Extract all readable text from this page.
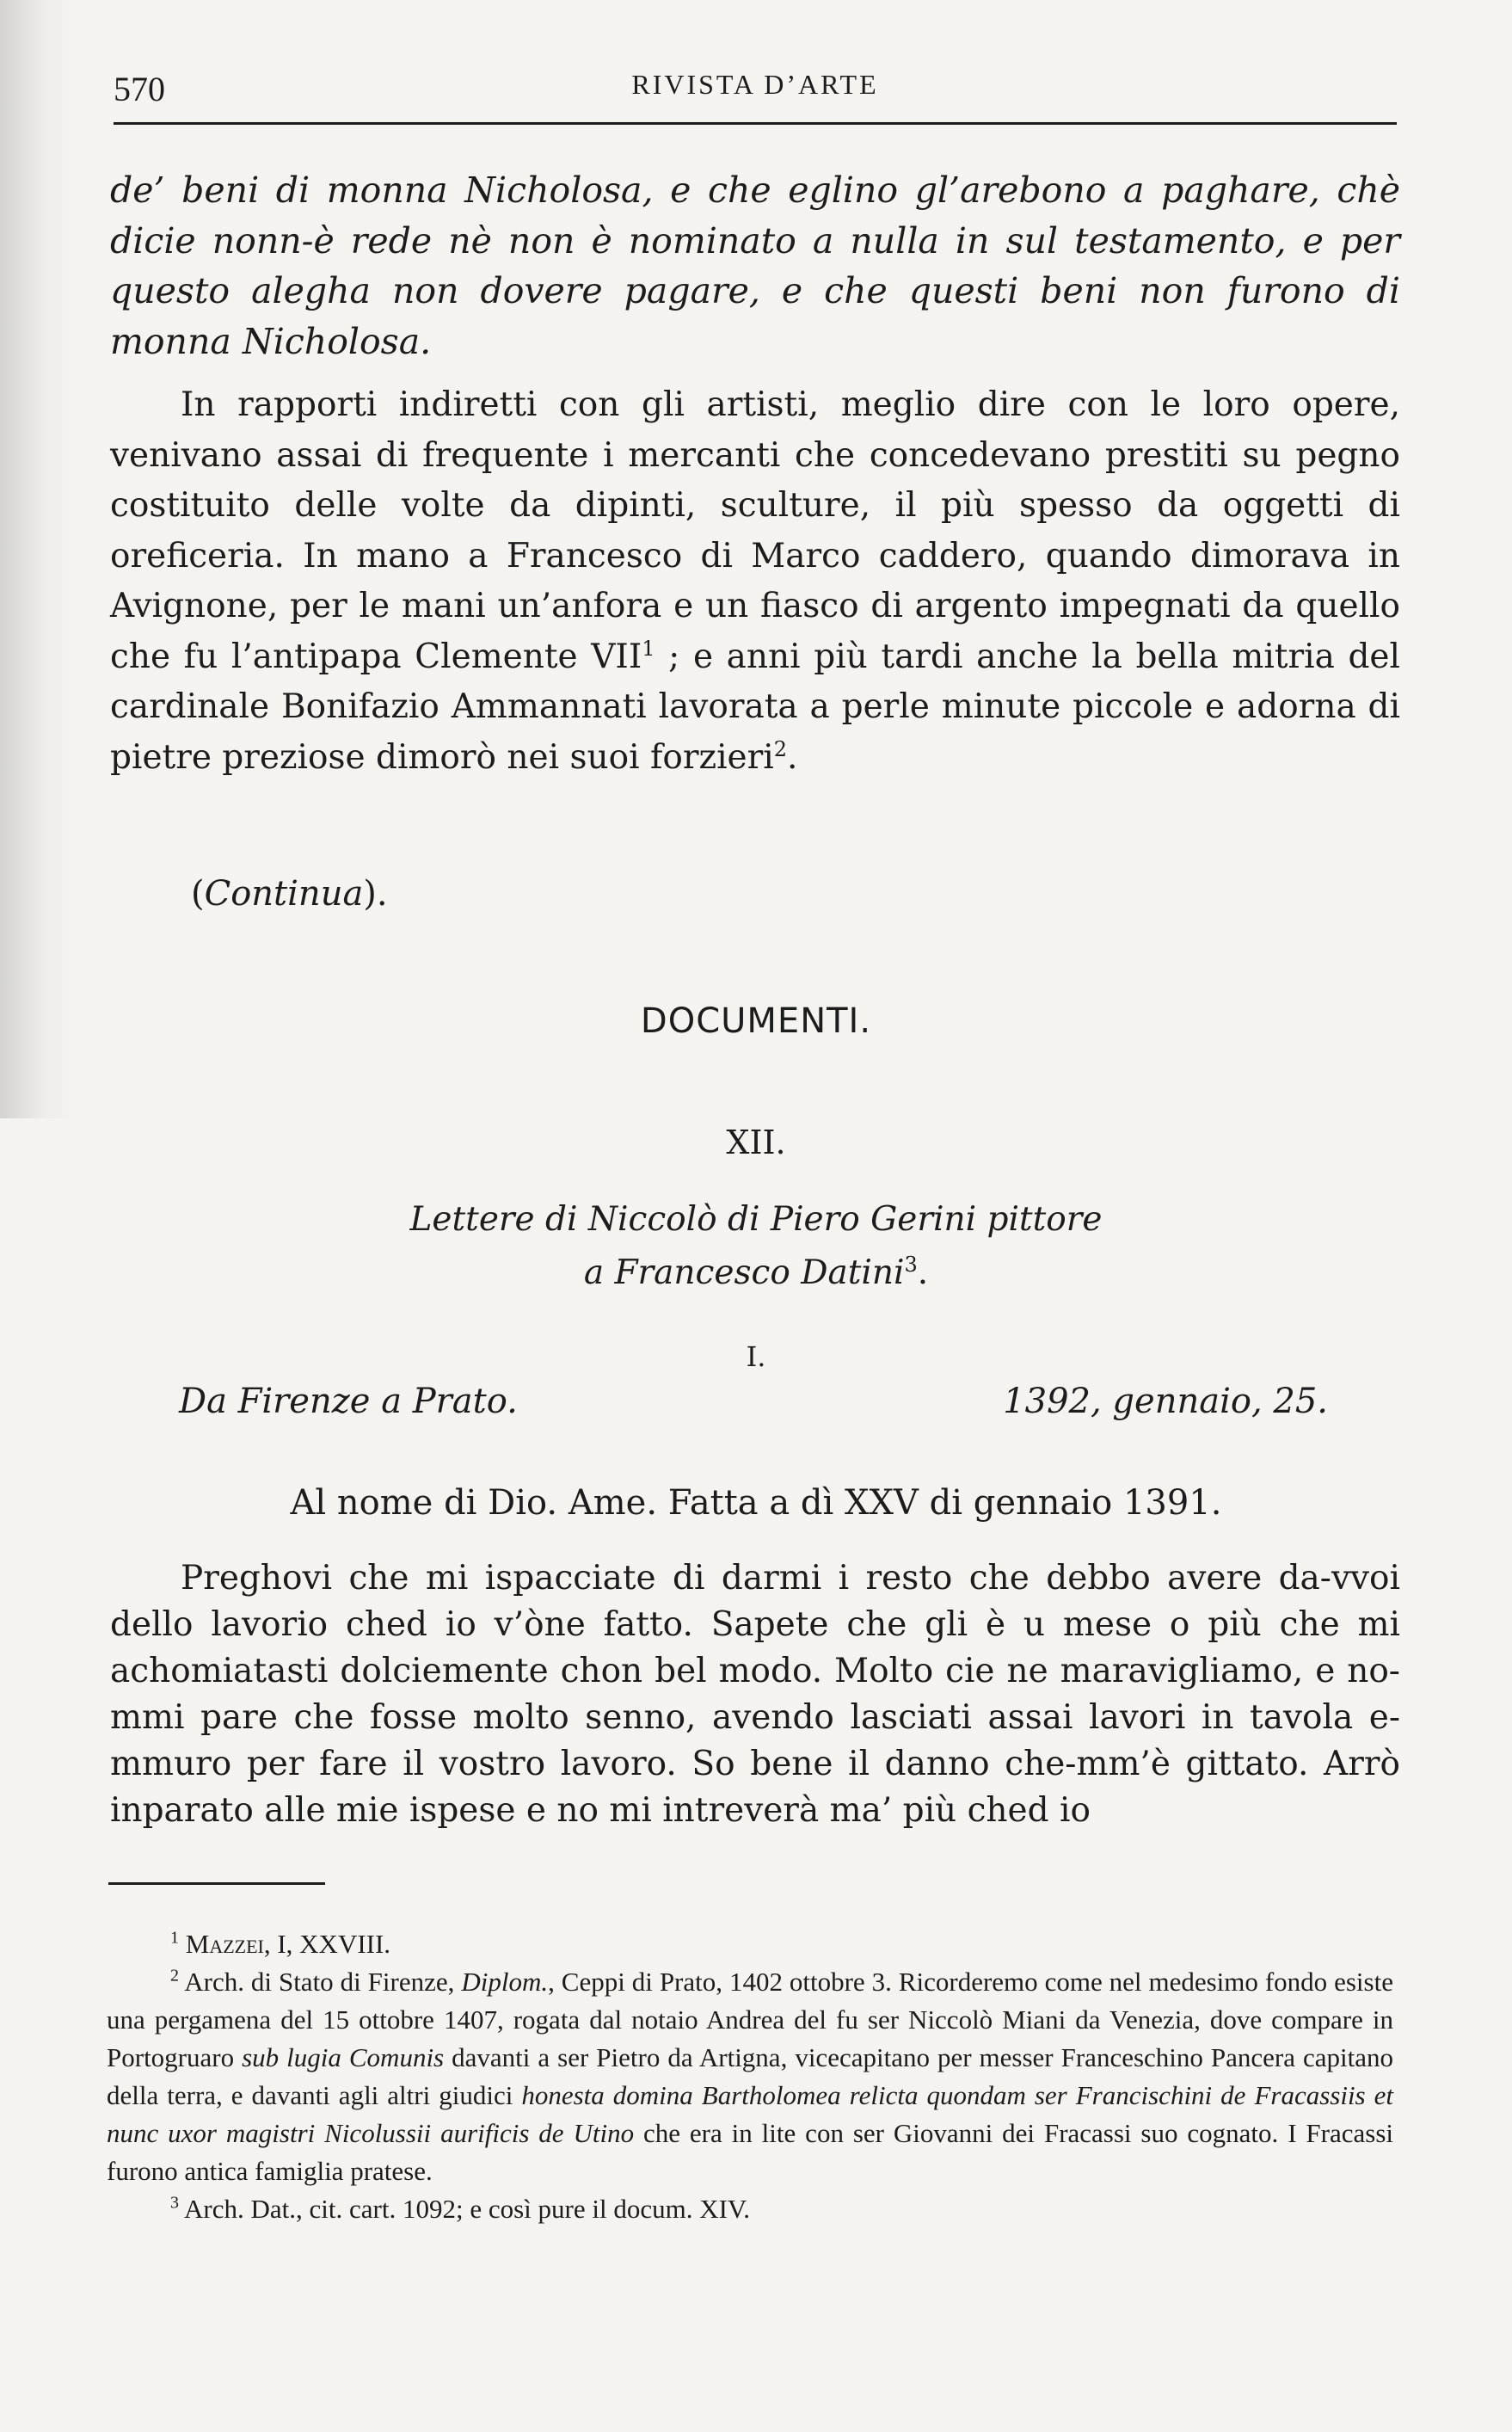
570	RIVISTA D’ARTE

de’ beni di monna Nicholosa, e che eglino gl’arebono a paghare, chè dicie nonn-è rede nè non è nominato a nulla in sul testamento, e per questo alegha non dovere pagare, e che questi beni non furono di monna Nicholosa.

In rapporti indiretti con gli artisti, meglio dire con le loro opere, venivano assai di frequente i mercanti che concedevano prestiti su pegno costituito delle volte da dipinti, sculture, il più spesso da oggetti di oreficeria. In mano a Francesco di Marco caddero, quando dimorava in Avignone, per le mani un’anfora e un fiasco di argento impegnati da quello che fu l’antipapa Clemente VII$^1$ ; e anni più tardi anche la bella mitria del cardinale Bonifazio Ammannati lavorata a perle minute piccole e adorna di pietre preziose dimorò nei suoi forzieri$^2$.

(Continua).
DOCUMENTI.
XII.
Lettere di Niccolò di Piero Gerini pittore
a Francesco Datini$^3$.
I.
Da Firenze a Prato.	1392, gennaio, 25.
Al nome di Dio. Ame. Fatta a dì XXV di gennaio 1391.

Preghovi che mi ispacciate di darmi i resto che debbo avere da-vvoi dello lavorio ched io v’òne fatto. Sapete che gli è u mese o più che mi achomiatasti dolciemente chon bel modo. Molto cie ne maravigliamo, e no-mmi pare che fosse molto senno, avendo lasciati assai lavori in tavola e-mmuro per fare il vostro lavoro. So bene il danno che-mm’è gittato. Arrò inparato alle mie ispese e no mi intreverà ma’ più ched io

$^1$ Mazzei, I, XXVIII.

$^2$ Arch. di Stato di Firenze, Diplom., Ceppi di Prato, 1402 ottobre 3. Ricorderemo come nel medesimo fondo esiste una pergamena del 15 ottobre 1407, rogata dal notaio Andrea del fu ser Niccolò Miani da Venezia, dove compare in Portogruaro sub lugia Comunis davanti a ser Pietro da Artigna, vicecapitano per messer Franceschino Pancera capitano della terra, e davanti agli altri giudici honesta domina Bartholomea relicta quondam ser Francischini de Fracassiis et nunc uxor magistri Nicolussii aurificis de Utino che era in lite con ser Giovanni dei Fracassi suo cognato. I Fracassi furono antica famiglia pratese.

$^3$ Arch. Dat., cit. cart. 1092; e così pure il docum. XIV.
